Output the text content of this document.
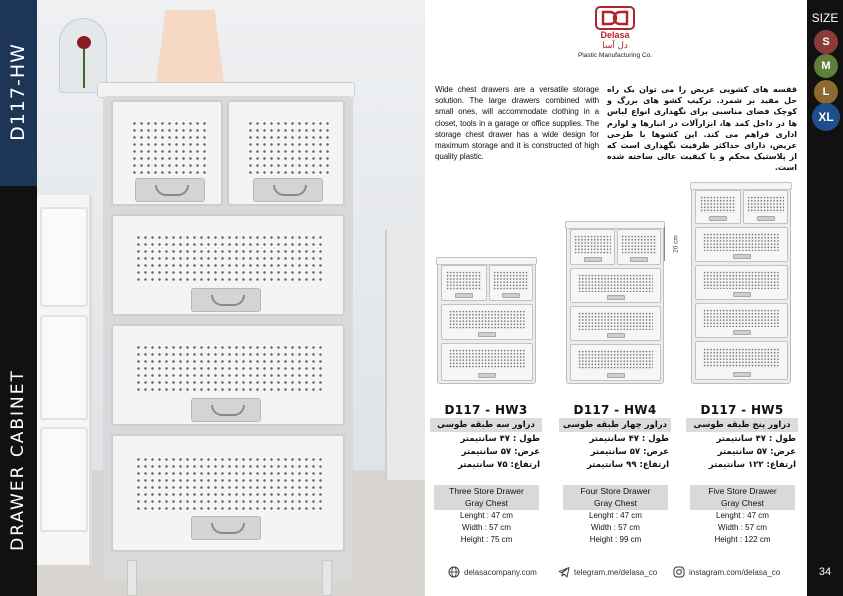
D117-HW
DRAWER CABINET
Delasa
دل آسا
Plastic Manufacturing Co.
Wide chest drawers are a versatile storage solution. The large drawers combined with small ones, will accommodate clothing in a closet, tools in a garage or office supplies. The storage chest drawer has a wide design for maximum storage and it is constructed of high quality plastic.
قفسه های کشویی عریض را می توان یک راه حل مفید بر شمرد. ترکیب کشو های بزرگ و کوچک فضای مناسبی برای نگهداری انواع لباس ها در داخل کمد ها، ابزارآلات در انبارها و لوازم اداری فراهم می کند. این کشوها با طرحی عریض، دارای حداکثر ظرفیت نگهداری است که از پلاستیک محکم و با کیفیت عالی ساخته شده است.
20 cm
D117 - HW3
دراور سه طبقه طوسی
طول : ۴۷ سانتیمتر
عرض: ۵۷ سانتیمتر
ارتفاع: ۷۵ سانتیمتر
Three Store Drawer
Gray Chest
Lenght : 47 cm
Width : 57 cm
Height : 75 cm
D117 - HW4
دراور چهار طبقه طوسی
طول : ۴۷ سانتیمتر
عرض: ۵۷ سانتیمتر
ارتفاع: ۹۹ سانتیمتر
Four Store Drawer
Gray Chest
Lenght : 47 cm
Width : 57 cm
Height : 99 cm
D117 - HW5
دراور پنج طبقه طوسی
طول : ۴۷ سانتیمتر
عرض: ۵۷ سانتیمتر
ارتفاع: ۱۲۲ سانتیمتر
Five Store Drawer
Gray Chest
Lenght : 47 cm
Width : 57 cm
Height : 122 cm
delasacompany.com	telegram.me/delasa_co	instagram.com/delasa_co
SIZE
S
M
L
XL
34
